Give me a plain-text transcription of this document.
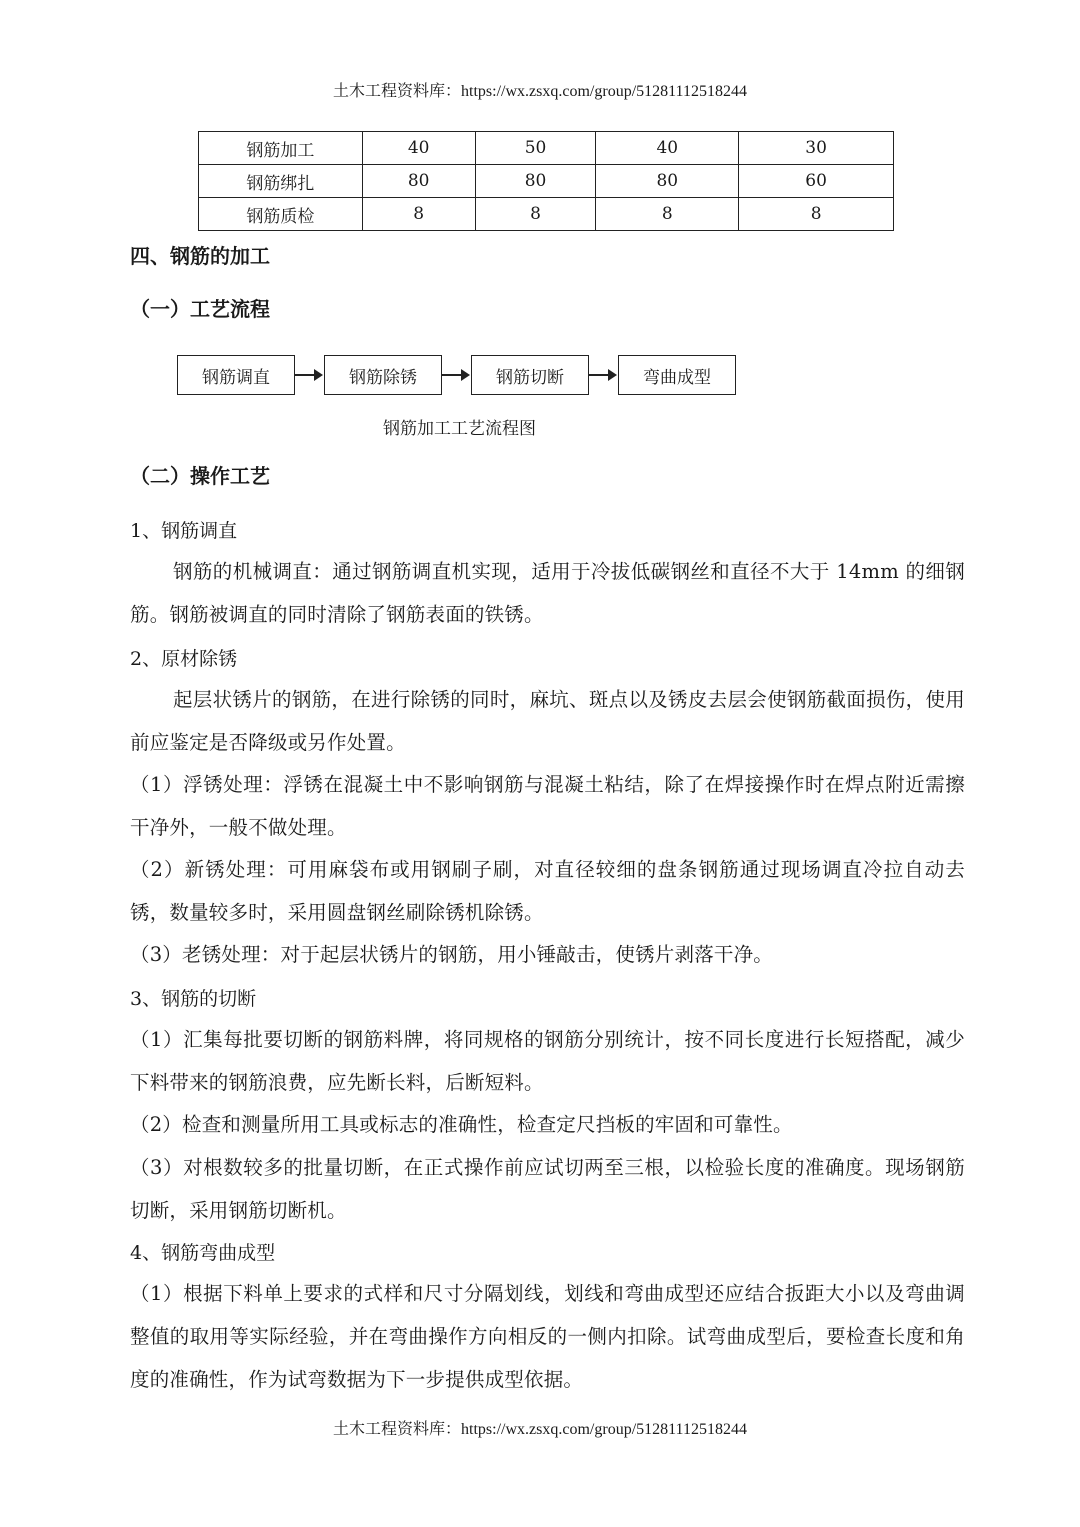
土木工程资料库：https://wx.zsxq.com/group/51281112518244
钢筋加工	40	50	40	30
钢筋绑扎	80	80	80	60
钢筋质检	8	8	8	8
四、钢筋的加工
（一）工艺流程
钢筋调直	钢筋除锈	钢筋切断	弯曲成型
钢筋加工工艺流程图
（二）操作工艺
1、钢筋调直
钢筋的机械调直：通过钢筋调直机实现，适用于冷拔低碳钢丝和直径不大于 14mm 的细钢筋。钢筋被调直的同时清除了钢筋表面的铁锈。
2、原材除锈
起层状锈片的钢筋，在进行除锈的同时，麻坑、斑点以及锈皮去层会使钢筋截面损伤，使用前应鉴定是否降级或另作处置。
（1）浮锈处理：浮锈在混凝土中不影响钢筋与混凝土粘结，除了在焊接操作时在焊点附近需擦干净外，一般不做处理。
（2）新锈处理：可用麻袋布或用钢刷子刷，对直径较细的盘条钢筋通过现场调直冷拉自动去锈，数量较多时，采用圆盘钢丝刷除锈机除锈。
（3）老锈处理：对于起层状锈片的钢筋，用小锤敲击，使锈片剥落干净。
3、钢筋的切断
（1）汇集每批要切断的钢筋料牌，将同规格的钢筋分别统计，按不同长度进行长短搭配，减少下料带来的钢筋浪费，应先断长料，后断短料。
（2）检查和测量所用工具或标志的准确性，检查定尺挡板的牢固和可靠性。
（3）对根数较多的批量切断，在正式操作前应试切两至三根，以检验长度的准确度。现场钢筋切断，采用钢筋切断机。
4、钢筋弯曲成型
（1）根据下料单上要求的式样和尺寸分隔划线，划线和弯曲成型还应结合扳距大小以及弯曲调整值的取用等实际经验，并在弯曲操作方向相反的一侧内扣除。试弯曲成型后，要检查长度和角度的准确性，作为试弯数据为下一步提供成型依据。
土木工程资料库：https://wx.zsxq.com/group/51281112518244
